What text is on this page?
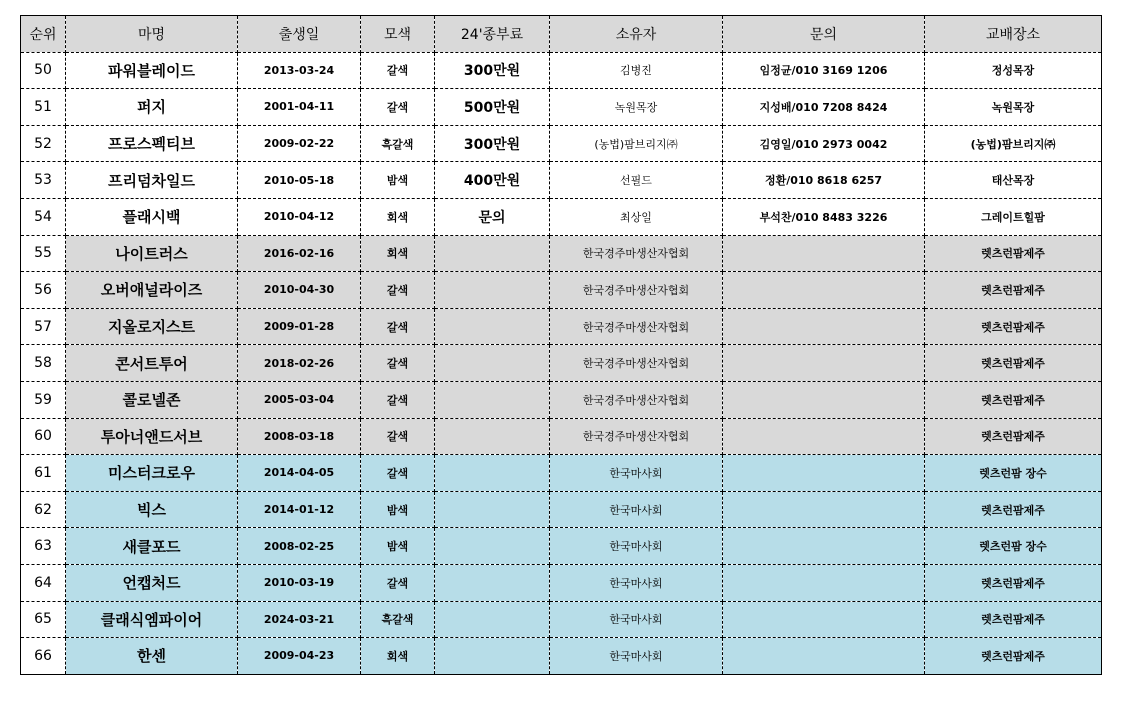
순위	마명	출생일	모색	24'종부료	소유자	문의	교배장소
50	파워블레이드	2013-03-24	갈색	300만원	김병진	임정균/010 3169 1206	정성목장
51	퍼지	2001-04-11	갈색	500만원	녹원목장	지성배/010 7208 8424	녹원목장
52	프로스펙티브	2009-02-22	흑갈색	300만원	(농법)팜브리지㈜	김영일/010 2973 0042	(농법)팜브리지㈜
53	프리덤차일드	2010-05-18	밤색	400만원	선필드	정환/010 8618 6257	태산목장
54	플래시백	2010-04-12	회색	문의	최상일	부석찬/010 8483 3226	그레이트힐팜
55	나이트러스	2016-02-16	회색		한국경주마생산자협회		렛츠런팜제주
56	오버애널라이즈	2010-04-30	갈색		한국경주마생산자협회		렛츠런팜제주
57	지올로지스트	2009-01-28	갈색		한국경주마생산자협회		렛츠런팜제주
58	콘서트투어	2018-02-26	갈색		한국경주마생산자협회		렛츠런팜제주
59	콜로넬존	2005-03-04	갈색		한국경주마생산자협회		렛츠런팜제주
60	투아너앤드서브	2008-03-18	갈색		한국경주마생산자협회		렛츠런팜제주
61	미스터크로우	2014-04-05	갈색		한국마사회		렛츠런팜 장수
62	빅스	2014-01-12	밤색		한국마사회		렛츠런팜제주
63	새클포드	2008-02-25	밤색		한국마사회		렛츠런팜 장수
64	언캡처드	2010-03-19	갈색		한국마사회		렛츠런팜제주
65	클래식엠파이어	2024-03-21	흑갈색		한국마사회		렛츠런팜제주
66	한센	2009-04-23	회색		한국마사회		렛츠런팜제주
